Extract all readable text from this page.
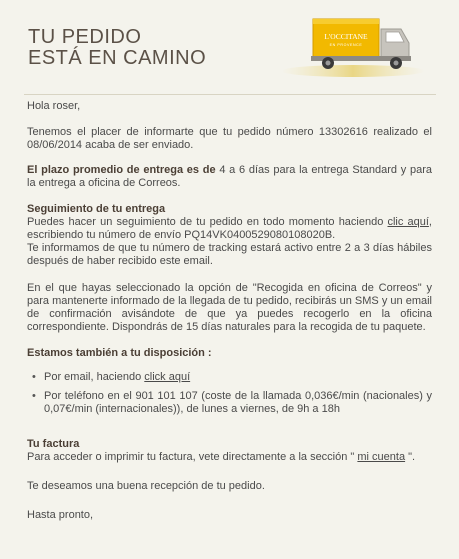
TU PEDIDO
ESTÁ EN CAMINO
L'OCCITANE
EN PROVENCE

Hola roser,

Tenemos el placer de informarte que tu pedido número 13302616 realizado el 08/06/2014 acaba de ser enviado.

El plazo promedio de entrega es de 4 a 6 días para la entrega Standard y para la entrega a oficina de Correos.

Seguimiento de tu entrega

Puedes hacer un seguimiento de tu pedido en todo momento haciendo clic aquí, escribiendo tu número de envío PQ14VK0400529080108020B.

Te informamos de que tu número de tracking estará activo entre 2 a 3 días hábiles después de haber recibido este email.

En el que hayas seleccionado la opción de "Recogida en oficina de Correos" y para mantenerte informado de la llegada de tu pedido, recibirás un SMS y un email de confirmación avisándote de que ya puedes recogerlo en la oficina correspondiente. Dispondrás de 15 días naturales para la recogida de tu paquete.

Estamos también a tu disposición :

• Por email, haciendo click aquí
• Por teléfono en el 901 101 107 (coste de la llamada 0,036€/min (nacionales) y 0,07€/min (internacionales)), de lunes a viernes, de 9h a 18h

Tu factura

Para acceder o imprimir tu factura, vete directamente a la sección " mi cuenta ".

Te deseamos una buena recepción de tu pedido.

Hasta pronto,
